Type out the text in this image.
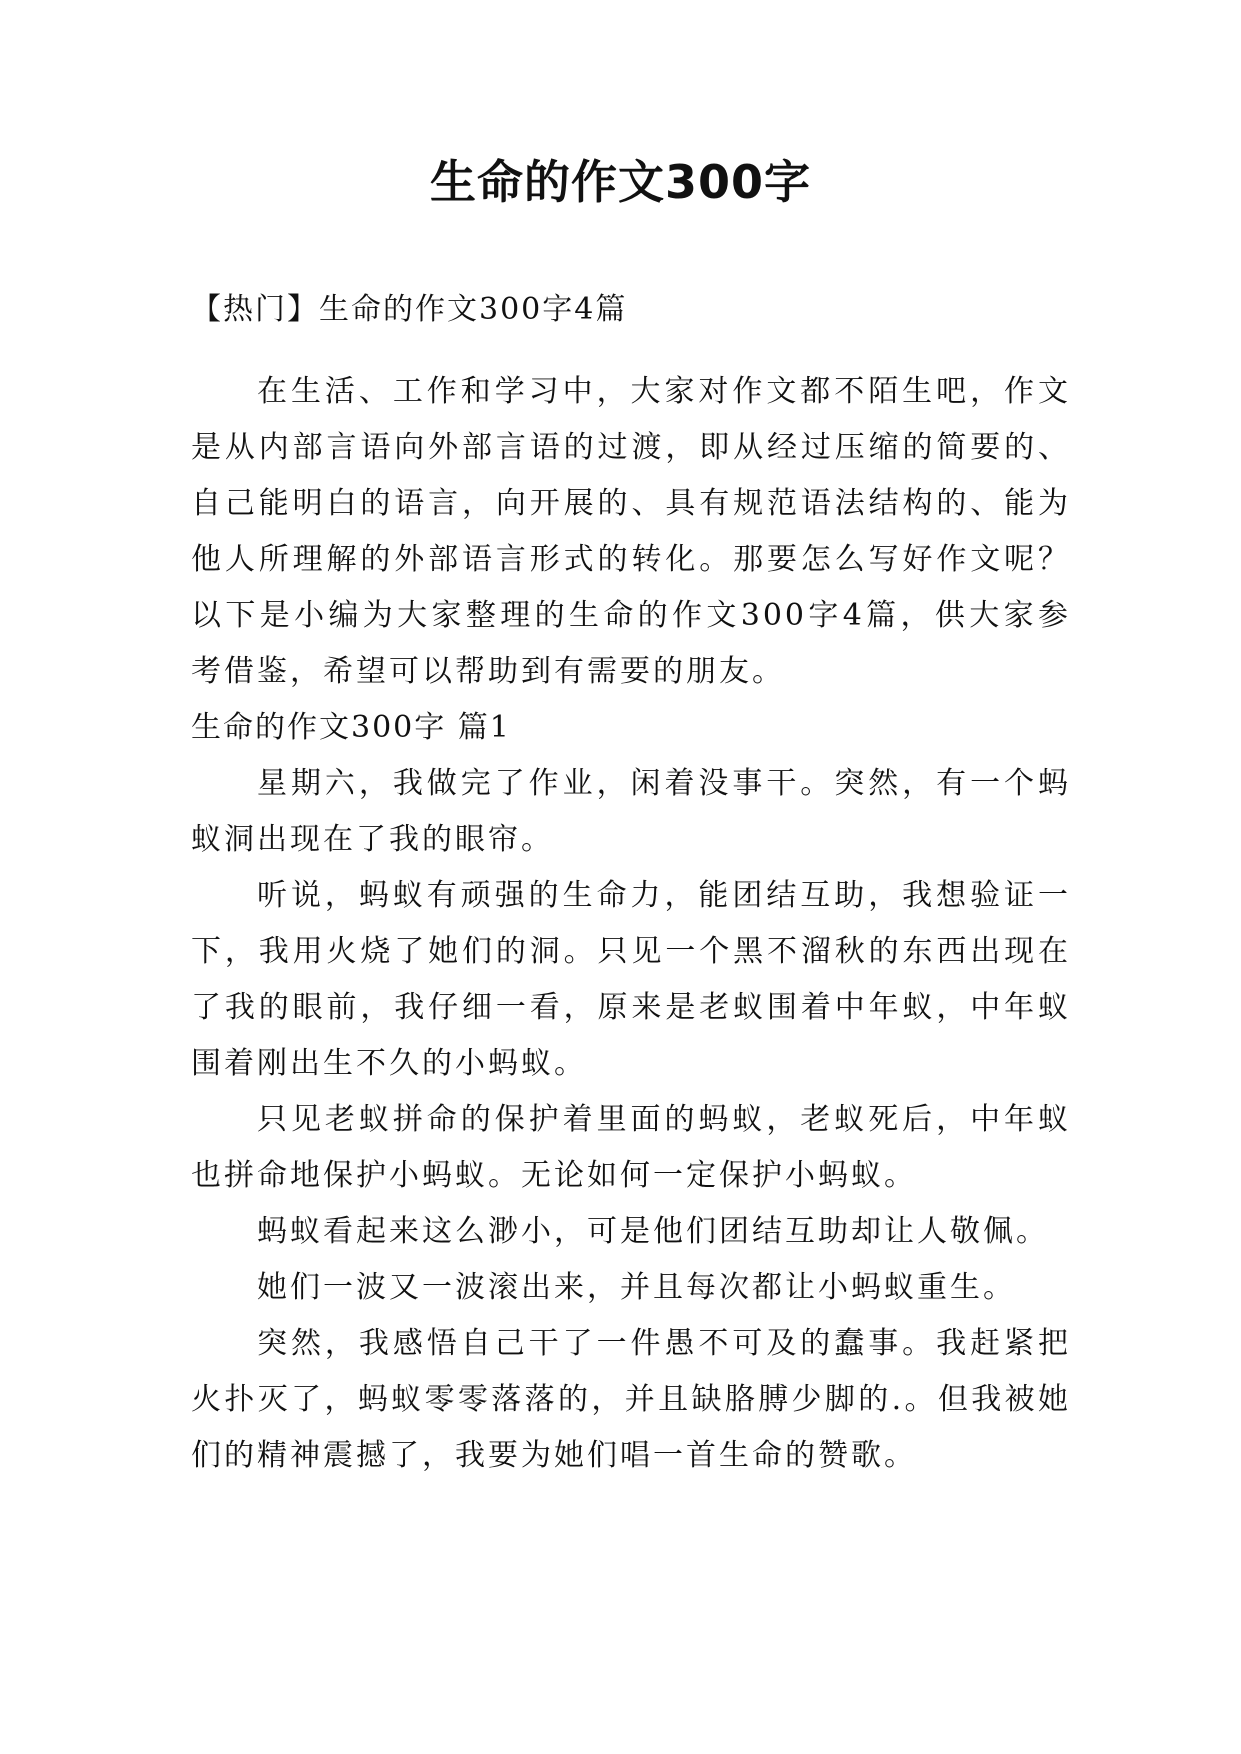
生命的作文300字
【热门】生命的作文300字4篇

在生活、工作和学习中，大家对作文都不陌生吧，作文是从内部言语向外部言语的过渡，即从经过压缩的简要的、自己能明白的语言，向开展的、具有规范语法结构的、能为他人所理解的外部语言形式的转化。那要怎么写好作文呢？以下是小编为大家整理的生命的作文300字4篇，供大家参考借鉴，希望可以帮助到有需要的朋友。

生命的作文300字 篇1

星期六，我做完了作业，闲着没事干。突然，有一个蚂蚁洞出现在了我的眼帘。

听说，蚂蚁有顽强的生命力，能团结互助，我想验证一下，我用火烧了她们的洞。只见一个黑不溜秋的东西出现在了我的眼前，我仔细一看，原来是老蚁围着中年蚁，中年蚁围着刚出生不久的小蚂蚁。

只见老蚁拼命的保护着里面的蚂蚁，老蚁死后，中年蚁也拼命地保护小蚂蚁。无论如何一定保护小蚂蚁。

蚂蚁看起来这么渺小，可是他们团结互助却让人敬佩。

她们一波又一波滚出来，并且每次都让小蚂蚁重生。

突然，我感悟自己干了一件愚不可及的蠢事。我赶紧把火扑灭了，蚂蚁零零落落的，并且缺胳膊少脚的.。但我被她们的精神震撼了，我要为她们唱一首生命的赞歌。
